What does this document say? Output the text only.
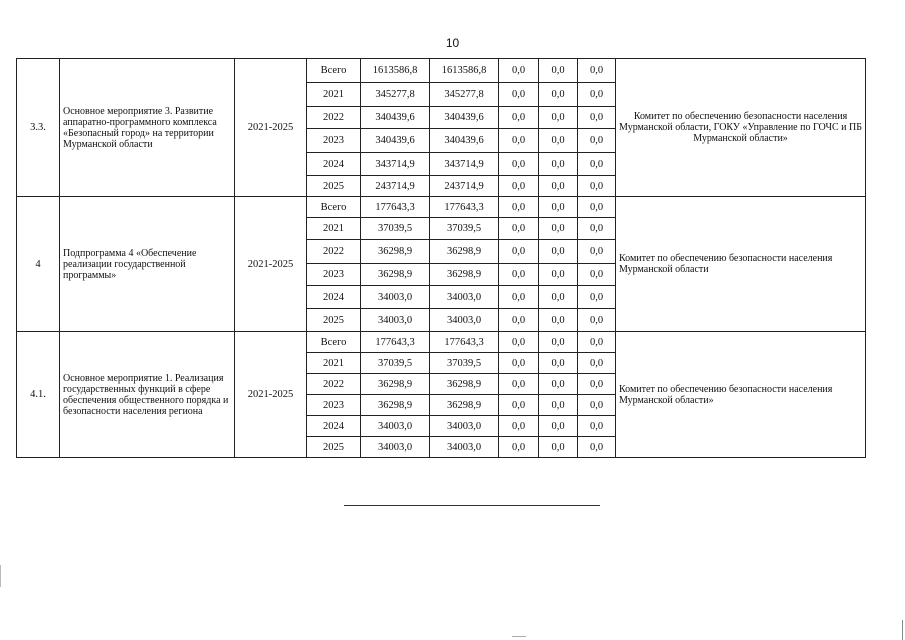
10
3.3.	Основное мероприятие 3. Развитие аппаратно-программного комплекса «Безопасный город» на территории Мурманской области	2021-2025	Всего	1613586,8	1613586,8	0,0	0,0	0,0	Комитет по обеспечению безопасности населения Мурманской области, ГОКУ «Управление по ГОЧС и ПБ Мурманской области»
			2021	345277,8	345277,8	0,0	0,0	0,0	
			2022	340439,6	340439,6	0,0	0,0	0,0	
			2023	340439,6	340439,6	0,0	0,0	0,0	
			2024	343714,9	343714,9	0,0	0,0	0,0	
			2025	243714,9	243714,9	0,0	0,0	0,0	
4	Подпрограмма 4 «Обеспечение реализации государственной программы»	2021-2025	Всего	177643,3	177643,3	0,0	0,0	0,0	Комитет по обеспечению безопасности населения Мурманской области
			2021	37039,5	37039,5	0,0	0,0	0,0	
			2022	36298,9	36298,9	0,0	0,0	0,0	
			2023	36298,9	36298,9	0,0	0,0	0,0	
			2024	34003,0	34003,0	0,0	0,0	0,0	
			2025	34003,0	34003,0	0,0	0,0	0,0	
4.1.	Основное мероприятие 1. Реализация государственных функций в сфере обеспечения общественного порядка и безопасности населения региона	2021-2025	Всего	177643,3	177643,3	0,0	0,0	0,0	Комитет по обеспечению безопасности населения Мурманской области»
			2021	37039,5	37039,5	0,0	0,0	0,0	
			2022	36298,9	36298,9	0,0	0,0	0,0	
			2023	36298,9	36298,9	0,0	0,0	0,0	
			2024	34003,0	34003,0	0,0	0,0	0,0	
			2025	34003,0	34003,0	0,0	0,0	0,0	
